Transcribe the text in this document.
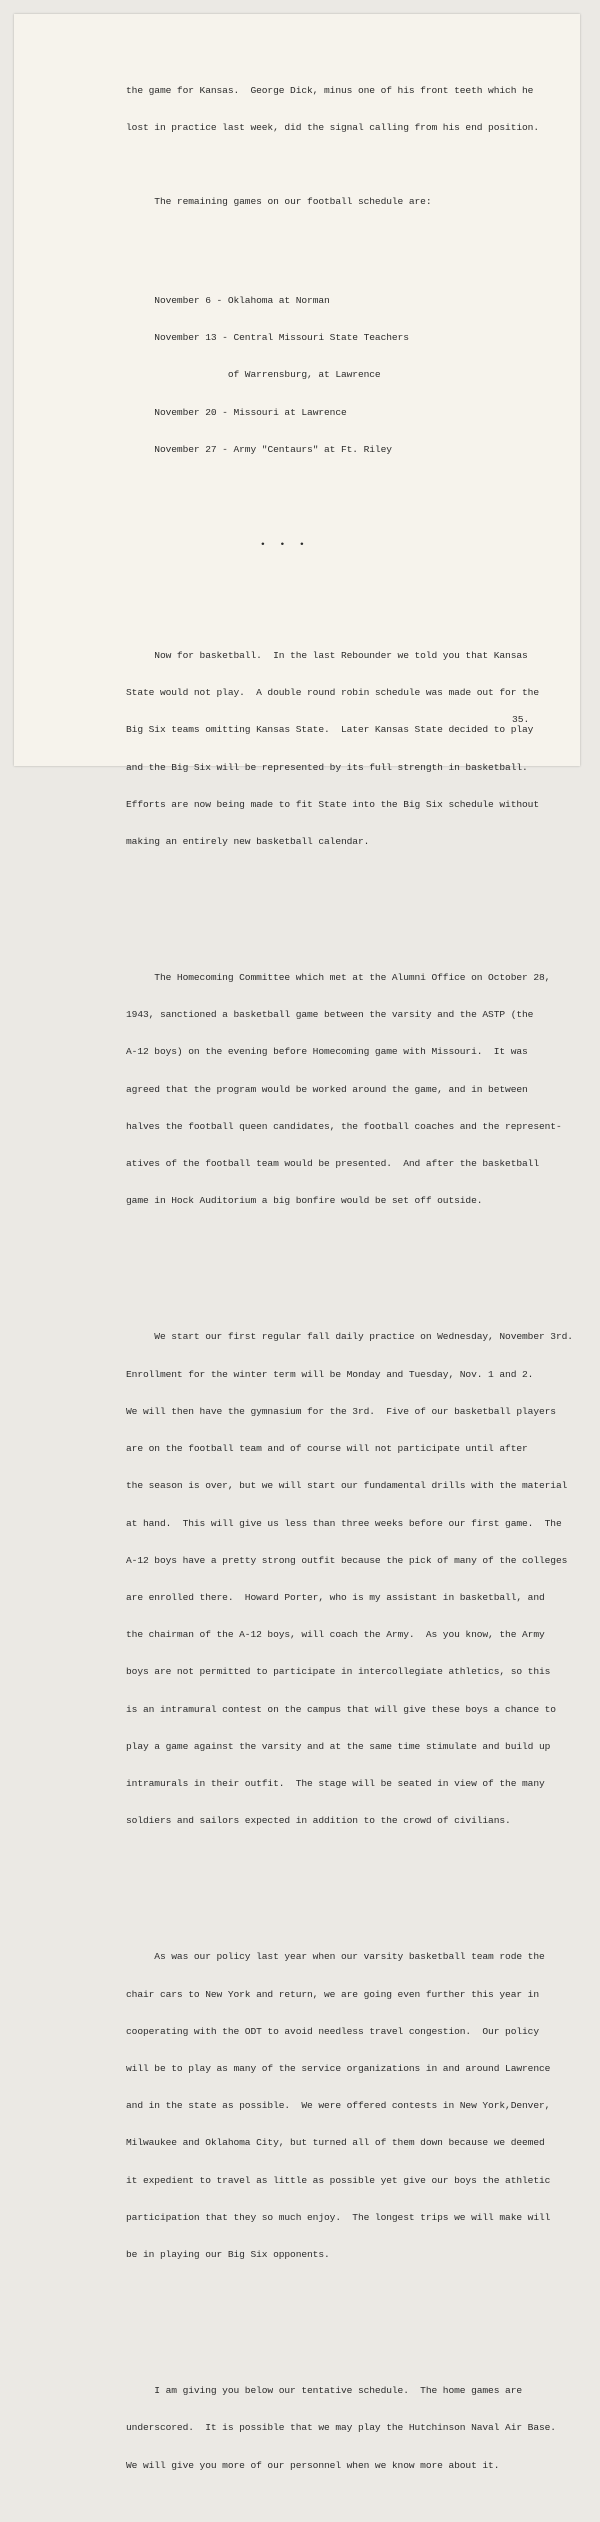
the game for Kansas.  George Dick, minus one of his front teeth which he

lost in practice last week, did the signal calling from his end position.

The remaining games on our football schedule are:

November 6 - Oklahoma at Norman

November 13 - Central Missouri State Teachers

of Warrensburg, at Lawrence

November 20 - Missouri at Lawrence

November 27 - Army "Centaurs" at Ft. Riley

• • •

Now for basketball.  In the last Rebounder we told you that Kansas

State would not play.  A double round robin schedule was made out for the

Big Six teams omitting Kansas State.  Later Kansas State decided to play

and the Big Six will be represented by its full strength in basketball.

Efforts are now being made to fit State into the Big Six schedule without

making an entirely new basketball calendar.

The Homecoming Committee which met at the Alumni Office on October 28,

1943, sanctioned a basketball game between the varsity and the ASTP (the

A-12 boys) on the evening before Homecoming game with Missouri.  It was

agreed that the program would be worked around the game, and in between

halves the football queen candidates, the football coaches and the represent-

atives of the football team would be presented.  And after the basketball

game in Hock Auditorium a big bonfire would be set off outside.

We start our first regular fall daily practice on Wednesday, November 3rd.

Enrollment for the winter term will be Monday and Tuesday, Nov. 1 and 2.

We will then have the gymnasium for the 3rd.  Five of our basketball players

are on the football team and of course will not participate until after

the season is over, but we will start our fundamental drills with the material

at hand.  This will give us less than three weeks before our first game.  The

A-12 boys have a pretty strong outfit because the pick of many of the colleges

are enrolled there.  Howard Porter, who is my assistant in basketball, and

the chairman of the A-12 boys, will coach the Army.  As you know, the Army

boys are not permitted to participate in intercollegiate athletics, so this

is an intramural contest on the campus that will give these boys a chance to

play a game against the varsity and at the same time stimulate and build up

intramurals in their outfit.  The stage will be seated in view of the many

soldiers and sailors expected in addition to the crowd of civilians.

As was our policy last year when our varsity basketball team rode the

chair cars to New York and return, we are going even further this year in

cooperating with the ODT to avoid needless travel congestion.  Our policy

will be to play as many of the service organizations in and around Lawrence

and in the state as possible.  We were offered contests in New York,Denver,

Milwaukee and Oklahoma City, but turned all of them down because we deemed

it expedient to travel as little as possible yet give our boys the athletic

participation that they so much enjoy.  The longest trips we will make will

be in playing our Big Six opponents.

I am giving you below our tentative schedule.  The home games are

underscored.  It is possible that we may play the Hutchinson Naval Air Base.

We will give you more of our personnel when we know more about it.

35.
